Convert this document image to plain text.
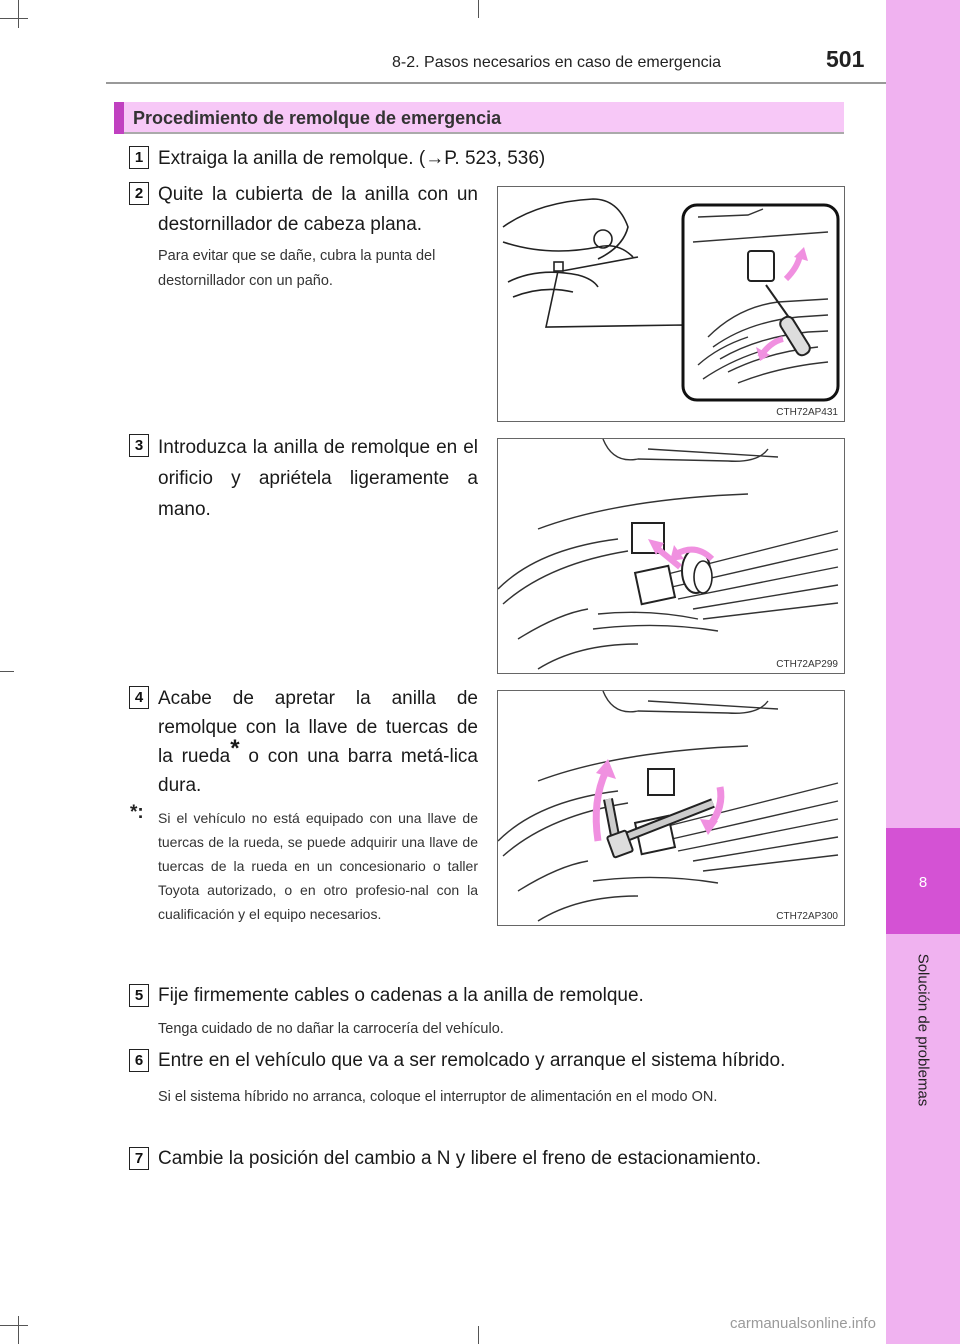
8
Solución de problemas
8-2. Pasos necesarios en caso de emergencia	501
Procedimiento de remolque de emergencia
1 Extraiga la anilla de remolque. (→P. 523, 536)
2 Quite la cubierta de la anilla con un destornillador de cabeza plana.
Para evitar que se dañe, cubra la punta del destornillador con un paño.
CTH72AP431
3 Introduzca la anilla de remolque en el orificio y apriétela ligeramente a mano.
CTH72AP299
4 Acabe de apretar la anilla de remolque con la llave de tuercas de la rueda* o con una barra metá-lica dura.
*: Si el vehículo no está equipado con una llave de tuercas de la rueda, se puede adquirir una llave de tuercas de la rueda en un concesionario o taller Toyota autorizado, o en otro profesio-nal con la cualificación y el equipo necesarios.	CTH72AP300
5 Fije firmemente cables o cadenas a la anilla de remolque.
Tenga cuidado de no dañar la carrocería del vehículo.
6 Entre en el vehículo que va a ser remolcado y arranque el sistema híbrido.
Si el sistema híbrido no arranca, coloque el interruptor de alimentación en el modo ON.
7 Cambie la posición del cambio a N y libere el freno de estacionamiento.
carmanualsonline.info
